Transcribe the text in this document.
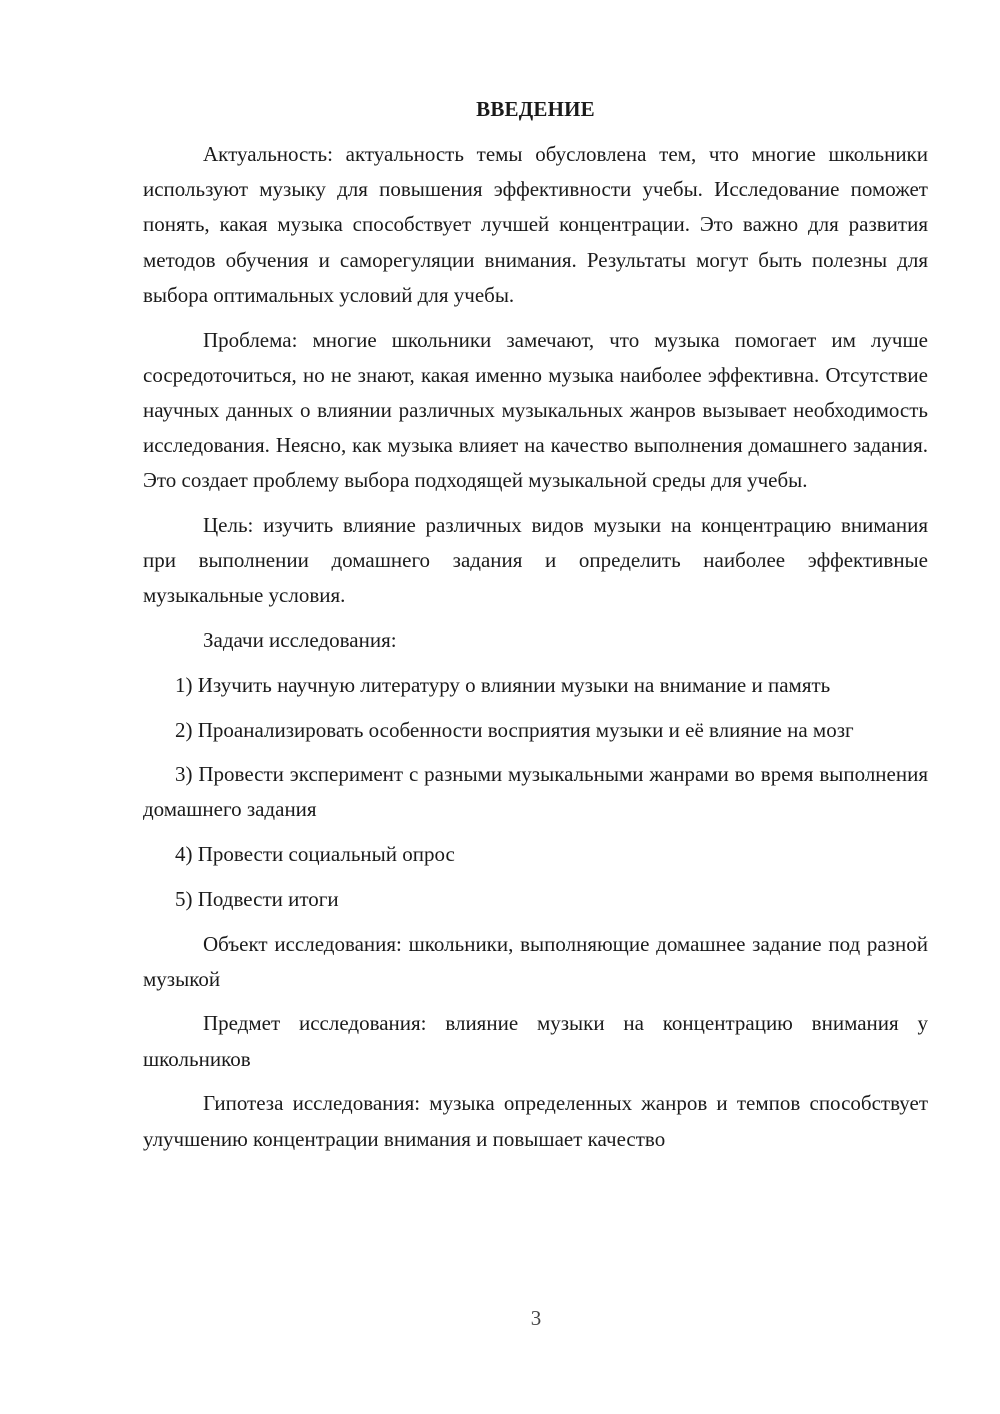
ВВЕДЕНИЕ

Актуальность: актуальность темы обусловлена тем, что многие школьники используют музыку для повышения эффективности учебы. Исследование поможет понять, какая музыка способствует лучшей концентрации. Это важно для развития методов обучения и саморегуляции внимания. Результаты могут быть полезны для выбора оптимальных условий для учебы.

Проблема: многие школьники замечают, что музыка помогает им лучше сосредоточиться, но не знают, какая именно музыка наиболее эффективна. Отсутствие научных данных о влиянии различных музыкальных жанров вызывает необходимость исследования. Неясно, как музыка влияет на качество выполнения домашнего задания. Это создает проблему выбора подходящей музыкальной среды для учебы.

Цель: изучить влияние различных видов музыки на концентрацию внимания при выполнении домашнего задания и определить наиболее эффективные музыкальные условия.

Задачи исследования:

1) Изучить научную литературу о влиянии музыки на внимание и память

2) Проанализировать особенности восприятия музыки и её влияние на мозг

3) Провести эксперимент с разными музыкальными жанрами во время выполнения домашнего задания

4) Провести социальный опрос

5) Подвести итоги

Объект исследования: школьники, выполняющие домашнее задание под разной музыкой

Предмет исследования: влияние музыки на концентрацию внимания у школьников

Гипотеза исследования: музыка определенных жанров и темпов способствует улучшению концентрации внимания и повышает качество

3
